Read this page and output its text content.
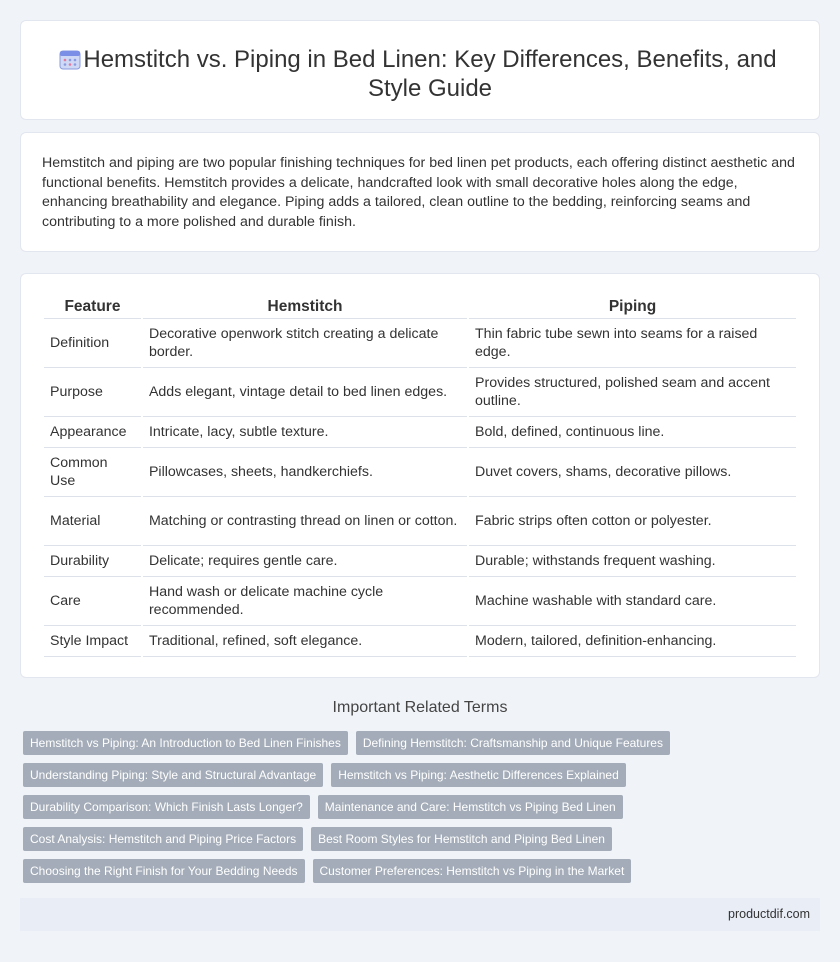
Hemstitch vs. Piping in Bed Linen: Key Differences, Benefits, and Style Guide

Hemstitch and piping are two popular finishing techniques for bed linen pet products, each offering distinct aesthetic and functional benefits. Hemstitch provides a delicate, handcrafted look with small decorative holes along the edge, enhancing breathability and elegance. Piping adds a tailored, clean outline to the bedding, reinforcing seams and contributing to a more polished and durable finish.

Feature	Hemstitch	Piping
Definition	Decorative openwork stitch creating a delicate border.	Thin fabric tube sewn into seams for a raised edge.
Purpose	Adds elegant, vintage detail to bed linen edges.	Provides structured, polished seam and accent outline.
Appearance	Intricate, lacy, subtle texture.	Bold, defined, continuous line.
Common Use	Pillowcases, sheets, handkerchiefs.	Duvet covers, shams, decorative pillows.
Material	Matching or contrasting thread on linen or cotton.	Fabric strips often cotton or polyester.
Durability	Delicate; requires gentle care.	Durable; withstands frequent washing.
Care	Hand wash or delicate machine cycle recommended.	Machine washable with standard care.
Style Impact	Traditional, refined, soft elegance.	Modern, tailored, definition-enhancing.
Important Related Terms
Hemstitch vs Piping: An Introduction to Bed Linen Finishes	Defining Hemstitch: Craftsmanship and Unique Features
Understanding Piping: Style and Structural Advantage	Hemstitch vs Piping: Aesthetic Differences Explained
Durability Comparison: Which Finish Lasts Longer?	Maintenance and Care: Hemstitch vs Piping Bed Linen
Cost Analysis: Hemstitch and Piping Price Factors	Best Room Styles for Hemstitch and Piping Bed Linen
Choosing the Right Finish for Your Bedding Needs	Customer Preferences: Hemstitch vs Piping in the Market
productdif.com
